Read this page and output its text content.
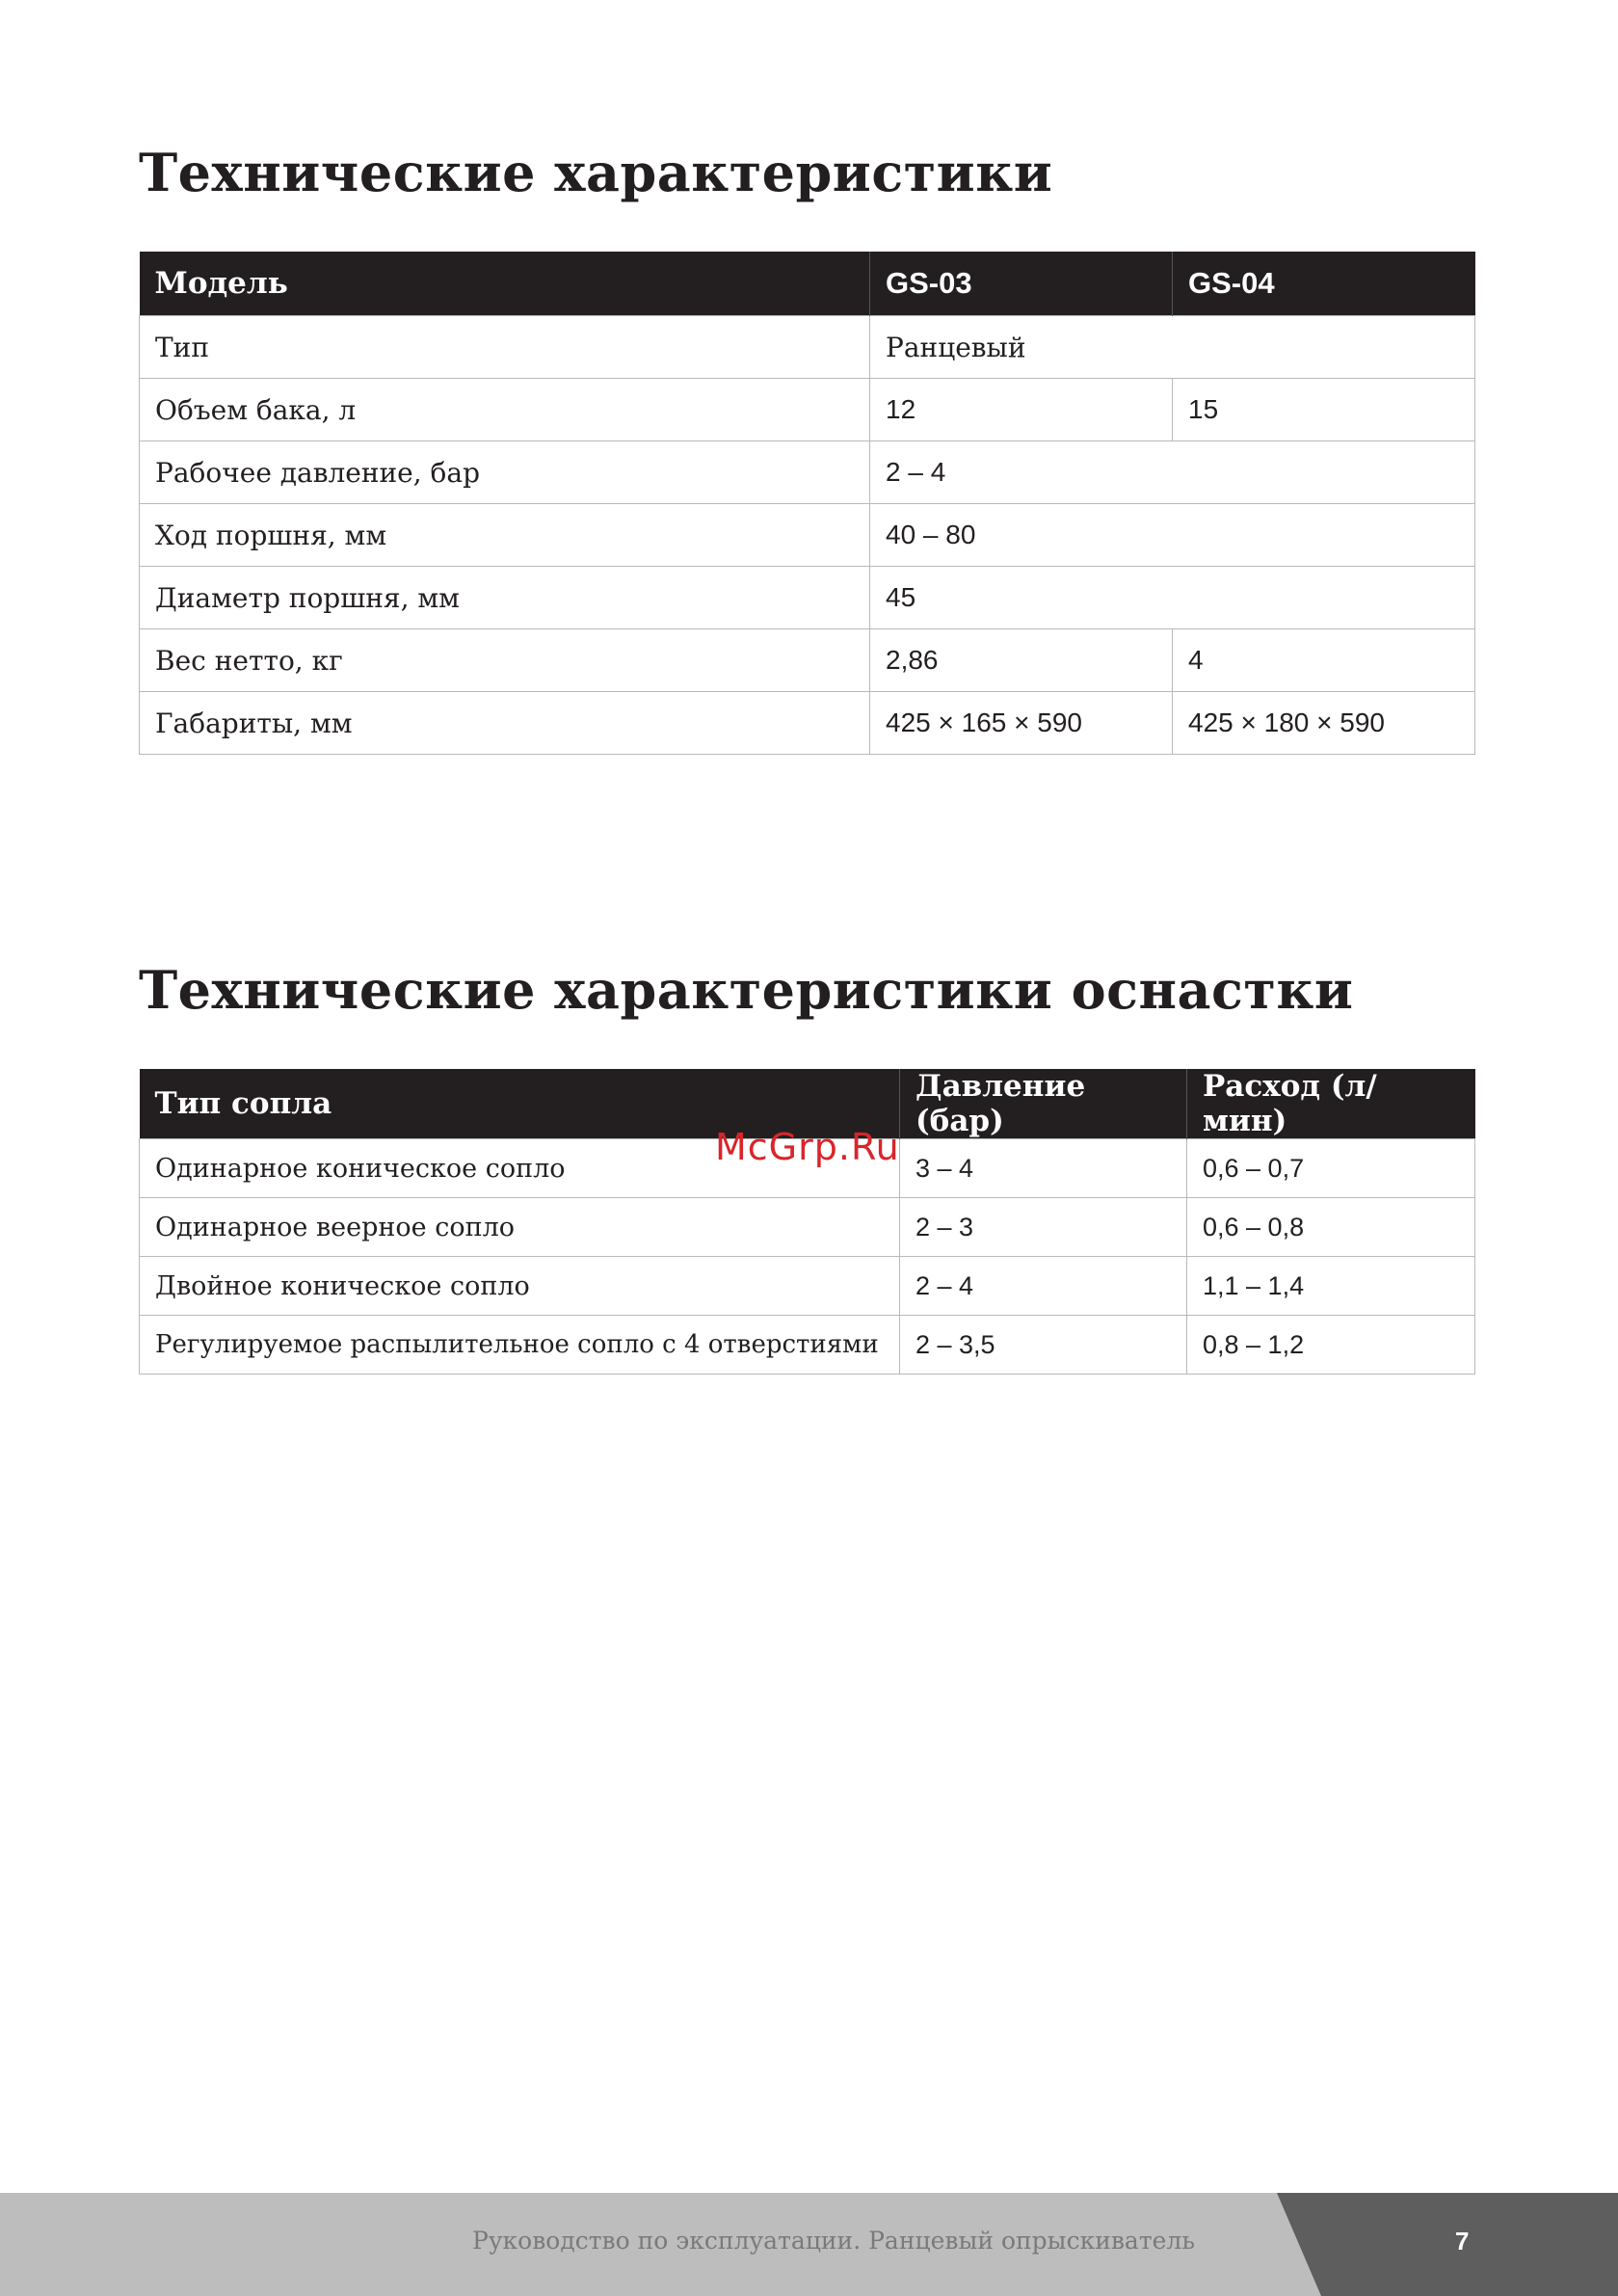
Технические характеристики
Модель	GS-03	GS-04
Тип	Ранцевый	
Объем бака, л	12	15
Рабочее давление, бар	2 – 4	
Ход поршня, мм	40 – 80	
Диаметр поршня, мм	45	
Вес нетто, кг	2,86	4
Габариты, мм	425 × 165 × 590	425 × 180 × 590
Технические характеристики оснастки
Тип сопла	Давление (бар)	Расход (л/мин)
Одинарное коническое сопло	3 – 4	0,6 – 0,7
Одинарное веерное сопло	2 – 3	0,6 – 0,8
Двойное коническое сопло	2 – 4	1,1 – 1,4
Регулируемое распылительное сопло с 4 отверстиями	2 – 3,5	0,8 – 1,2
McGrp.Ru
Руководство по эксплуатации. Ранцевый опрыскиватель	7
